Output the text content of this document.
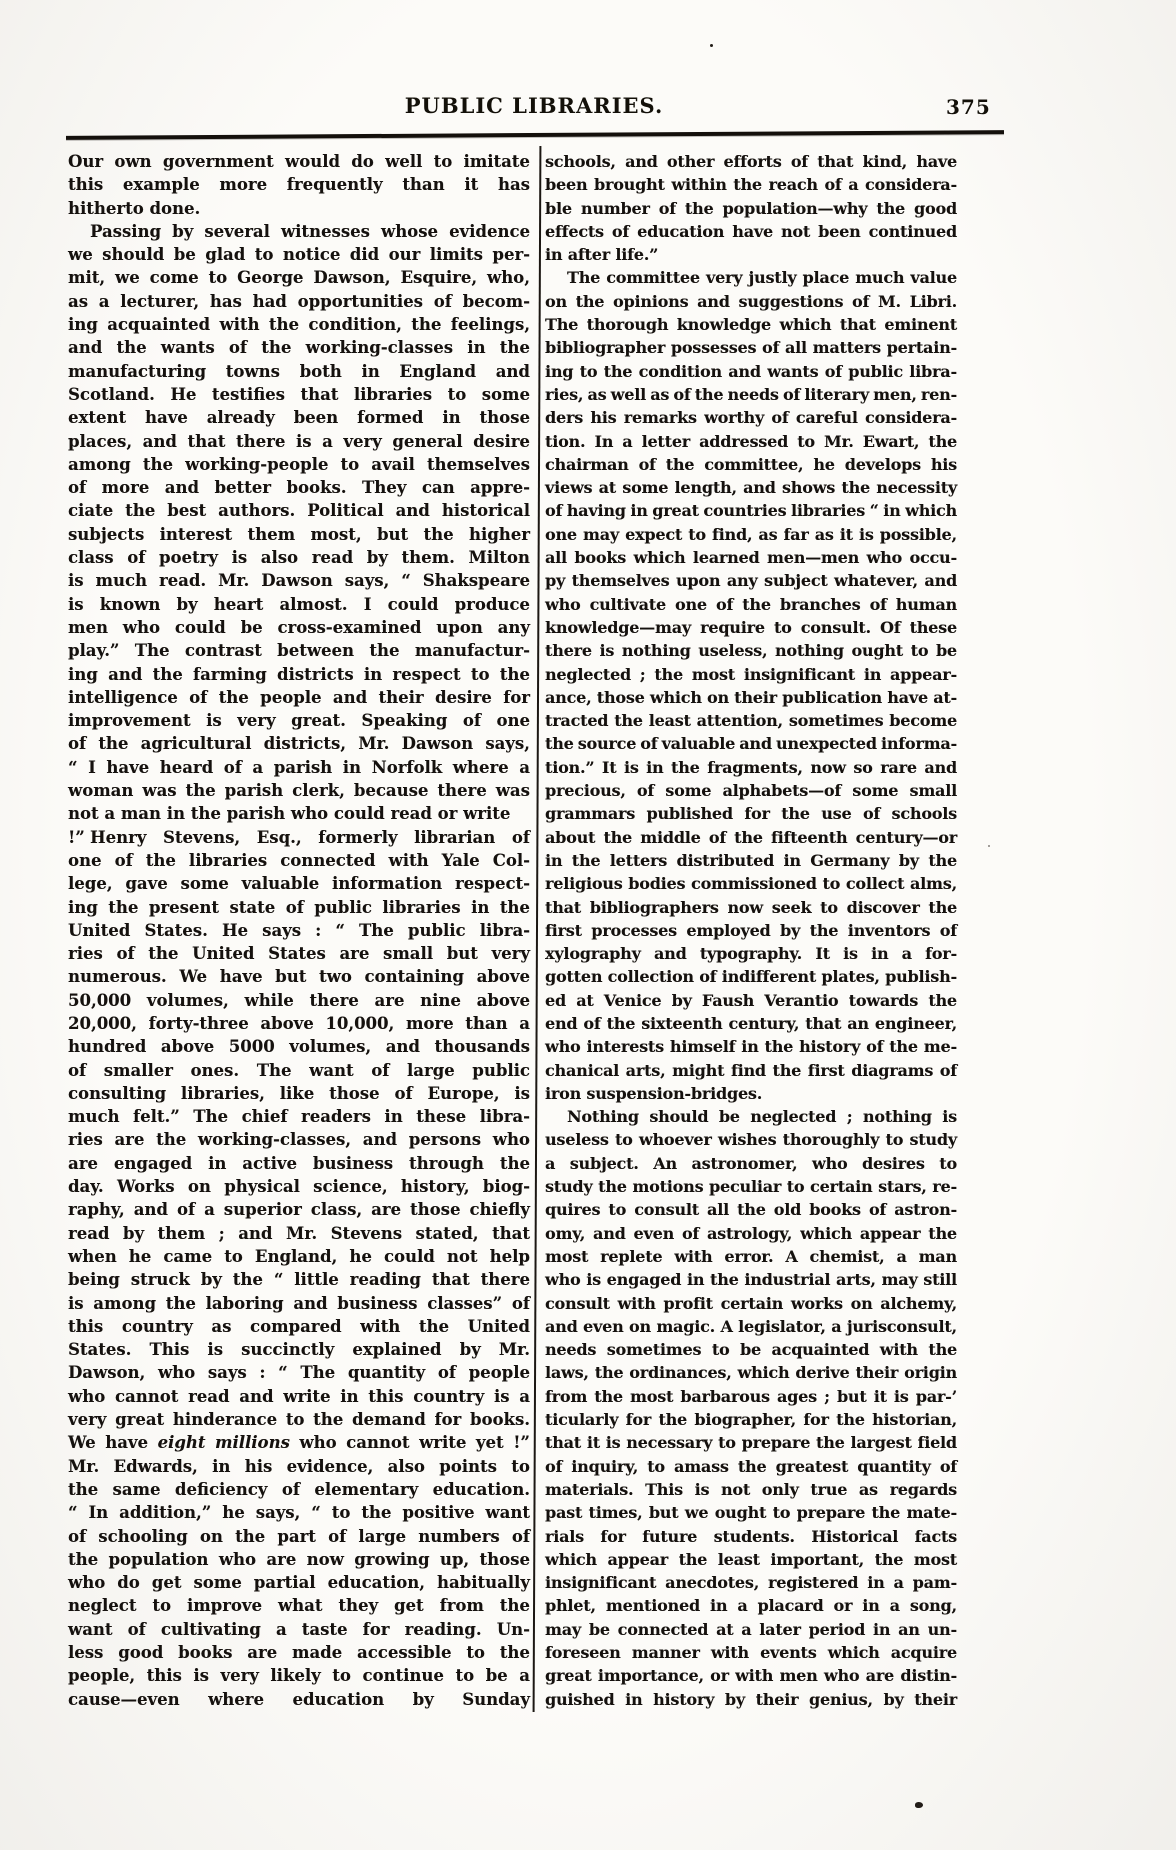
PUBLIC LIBRARIES.	375
Our own government would do well to imitate
this example more frequently than it has
hitherto done.
Passing by several witnesses whose evidence
we should be glad to notice did our limits per-
mit, we come to George Dawson, Esquire, who,
as a lecturer, has had opportunities of becom-
ing acquainted with the condition, the feelings,
and the wants of the working-classes in the
manufacturing towns both in England and
Scotland. He testifies that libraries to some
extent have already been formed in those
places, and that there is a very general desire
among the working-people to avail themselves
of more and better books. They can appre-
ciate the best authors. Political and historical
subjects interest them most, but the higher
class of poetry is also read by them. Milton
is much read. Mr. Dawson says, “ Shakspeare
is known by heart almost. I could produce
men who could be cross-examined upon any
play.” The contrast between the manufactur-
ing and the farming districts in respect to the
intelligence of the people and their desire for
improvement is very great. Speaking of one
of the agricultural districts, Mr. Dawson says,
“ I have heard of a parish in Norfolk where a
woman was the parish clerk, because there was
not a man in the parish who could read or write !” Henry Stevens, Esq., formerly librarian of
one of the libraries connected with Yale Col-
lege, gave some valuable information respect-
ing the present state of public libraries in the
United States. He says : “ The public libra-
ries of the United States are small but very
numerous. We have but two containing above
50,000 volumes, while there are nine above
20,000, forty-three above 10,000, more than a
hundred above 5000 volumes, and thousands
of smaller ones. The want of large public
consulting libraries, like those of Europe, is
much felt.” The chief readers in these libra-
ries are the working-classes, and persons who
are engaged in active business through the
day. Works on physical science, history, biog-
raphy, and of a superior class, are those chiefly
read by them ; and Mr. Stevens stated, that
when he came to England, he could not help
being struck by the “ little reading that there
is among the laboring and business classes” of
this country as compared with the United
States. This is succinctly explained by Mr.
Dawson, who says : “ The quantity of people
who cannot read and write in this country is a
very great hinderance to the demand for books.
We have eight millions who cannot write yet !”
Mr. Edwards, in his evidence, also points to
the same deficiency of elementary education.
“ In addition,” he says, “ to the positive want
of schooling on the part of large numbers of
the population who are now growing up, those
who do get some partial education, habitually
neglect to improve what they get from the
want of cultivating a taste for reading. Un-
less good books are made accessible to the
people, this is very likely to continue to be a
cause—even where education by Sunday
schools, and other efforts of that kind, have
been brought within the reach of a considera-
ble number of the population—why the good
effects of education have not been continued
in after life.”
The committee very justly place much value
on the opinions and suggestions of M. Libri.
The thorough knowledge which that eminent
bibliographer possesses of all matters pertain-
ing to the condition and wants of public libra-
ries, as well as of the needs of literary men, ren-
ders his remarks worthy of careful considera-
tion. In a letter addressed to Mr. Ewart, the
chairman of the committee, he develops his
views at some length, and shows the necessity
of having in great countries libraries “ in which
one may expect to find, as far as it is possible,
all books which learned men—men who occu-
py themselves upon any subject whatever, and
who cultivate one of the branches of human
knowledge—may require to consult. Of these
there is nothing useless, nothing ought to be
neglected ; the most insignificant in appear-
ance, those which on their publication have at-
tracted the least attention, sometimes become
the source of valuable and unexpected informa-
tion.” It is in the fragments, now so rare and
precious, of some alphabets—of some small
grammars published for the use of schools
about the middle of the fifteenth century—or
in the letters distributed in Germany by the
religious bodies commissioned to collect alms,
that bibliographers now seek to discover the
first processes employed by the inventors of
xylography and typography. It is in a for-
gotten collection of indifferent plates, publish-
ed at Venice by Faush Verantio towards the
end of the sixteenth century, that an engineer,
who interests himself in the history of the me-
chanical arts, might find the first diagrams of
iron suspension-bridges.
Nothing should be neglected ; nothing is
useless to whoever wishes thoroughly to study
a subject. An astronomer, who desires to
study the motions peculiar to certain stars, re-
quires to consult all the old books of astron-
omy, and even of astrology, which appear the
most replete with error. A chemist, a man
who is engaged in the industrial arts, may still
consult with profit certain works on alchemy,
and even on magic. A legislator, a jurisconsult,
needs sometimes to be acquainted with the
laws, the ordinances, which derive their origin
from the most barbarous ages ; but it is par-’
ticularly for the biographer, for the historian,
that it is necessary to prepare the largest field
of inquiry, to amass the greatest quantity of
materials. This is not only true as regards
past times, but we ought to prepare the mate-
rials for future students. Historical facts
which appear the least important, the most
insignificant anecdotes, registered in a pam-
phlet, mentioned in a placard or in a song,
may be connected at a later period in an un-
foreseen manner with events which acquire
great importance, or with men who are distin-
guished in history by their genius, by their
